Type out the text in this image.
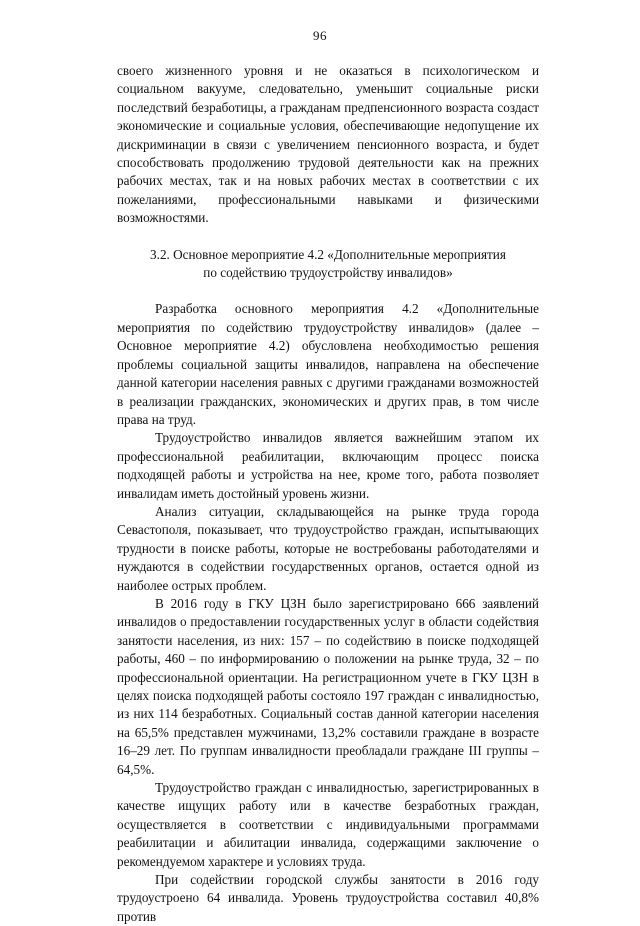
96

своего жизненного уровня и не оказаться в психологическом и социальном вакууме, следовательно, уменьшит социальные риски последствий безработицы, а гражданам предпенсионного возраста создаст экономические и социальные условия, обеспечивающие недопущение их дискриминации в связи с увеличением пенсионного возраста, и будет способствовать продолжению трудовой деятельности как на прежних рабочих местах, так и на новых рабочих местах в соответствии с их пожеланиями, профессиональными навыками и физическими возможностями.

3.2. Основное мероприятие 4.2 «Дополнительные мероприятия
по содействию трудоустройству инвалидов»

Разработка основного мероприятия 4.2 «Дополнительные мероприятия по содействию трудоустройству инвалидов» (далее – Основное мероприятие 4.2) обусловлена необходимостью решения проблемы социальной защиты инвалидов, направлена на обеспечение данной категории населения равных с другими гражданами возможностей в реализации гражданских, экономических и других прав, в том числе права на труд.

Трудоустройство инвалидов является важнейшим этапом их профессиональной реабилитации, включающим процесс поиска подходящей работы и устройства на нее, кроме того, работа позволяет инвалидам иметь достойный уровень жизни.

Анализ ситуации, складывающейся на рынке труда города Севастополя, показывает, что трудоустройство граждан, испытывающих трудности в поиске работы, которые не востребованы работодателями и нуждаются в содействии государственных органов, остается одной из наиболее острых проблем.

В 2016 году в ГКУ ЦЗН было зарегистрировано 666 заявлений инвалидов о предоставлении государственных услуг в области содействия занятости населения, из них: 157 – по содействию в поиске подходящей работы, 460 – по информированию о положении на рынке труда, 32 – по профессиональной ориентации. На регистрационном учете в ГКУ ЦЗН в целях поиска подходящей работы состояло 197 граждан с инвалидностью, из них 114 безработных. Социальный состав данной категории населения на 65,5% представлен мужчинами, 13,2% составили граждане в возрасте 16–29 лет. По группам инвалидности преобладали граждане III группы – 64,5%.

Трудоустройство граждан с инвалидностью, зарегистрированных в качестве ищущих работу или в качестве безработных граждан, осуществляется в соответствии с индивидуальными программами реабилитации и абилитации инвалида, содержащими заключение о рекомендуемом характере и условиях труда.

При содействии городской службы занятости в 2016 году трудоустроено 64 инвалида. Уровень трудоустройства составил 40,8% против
